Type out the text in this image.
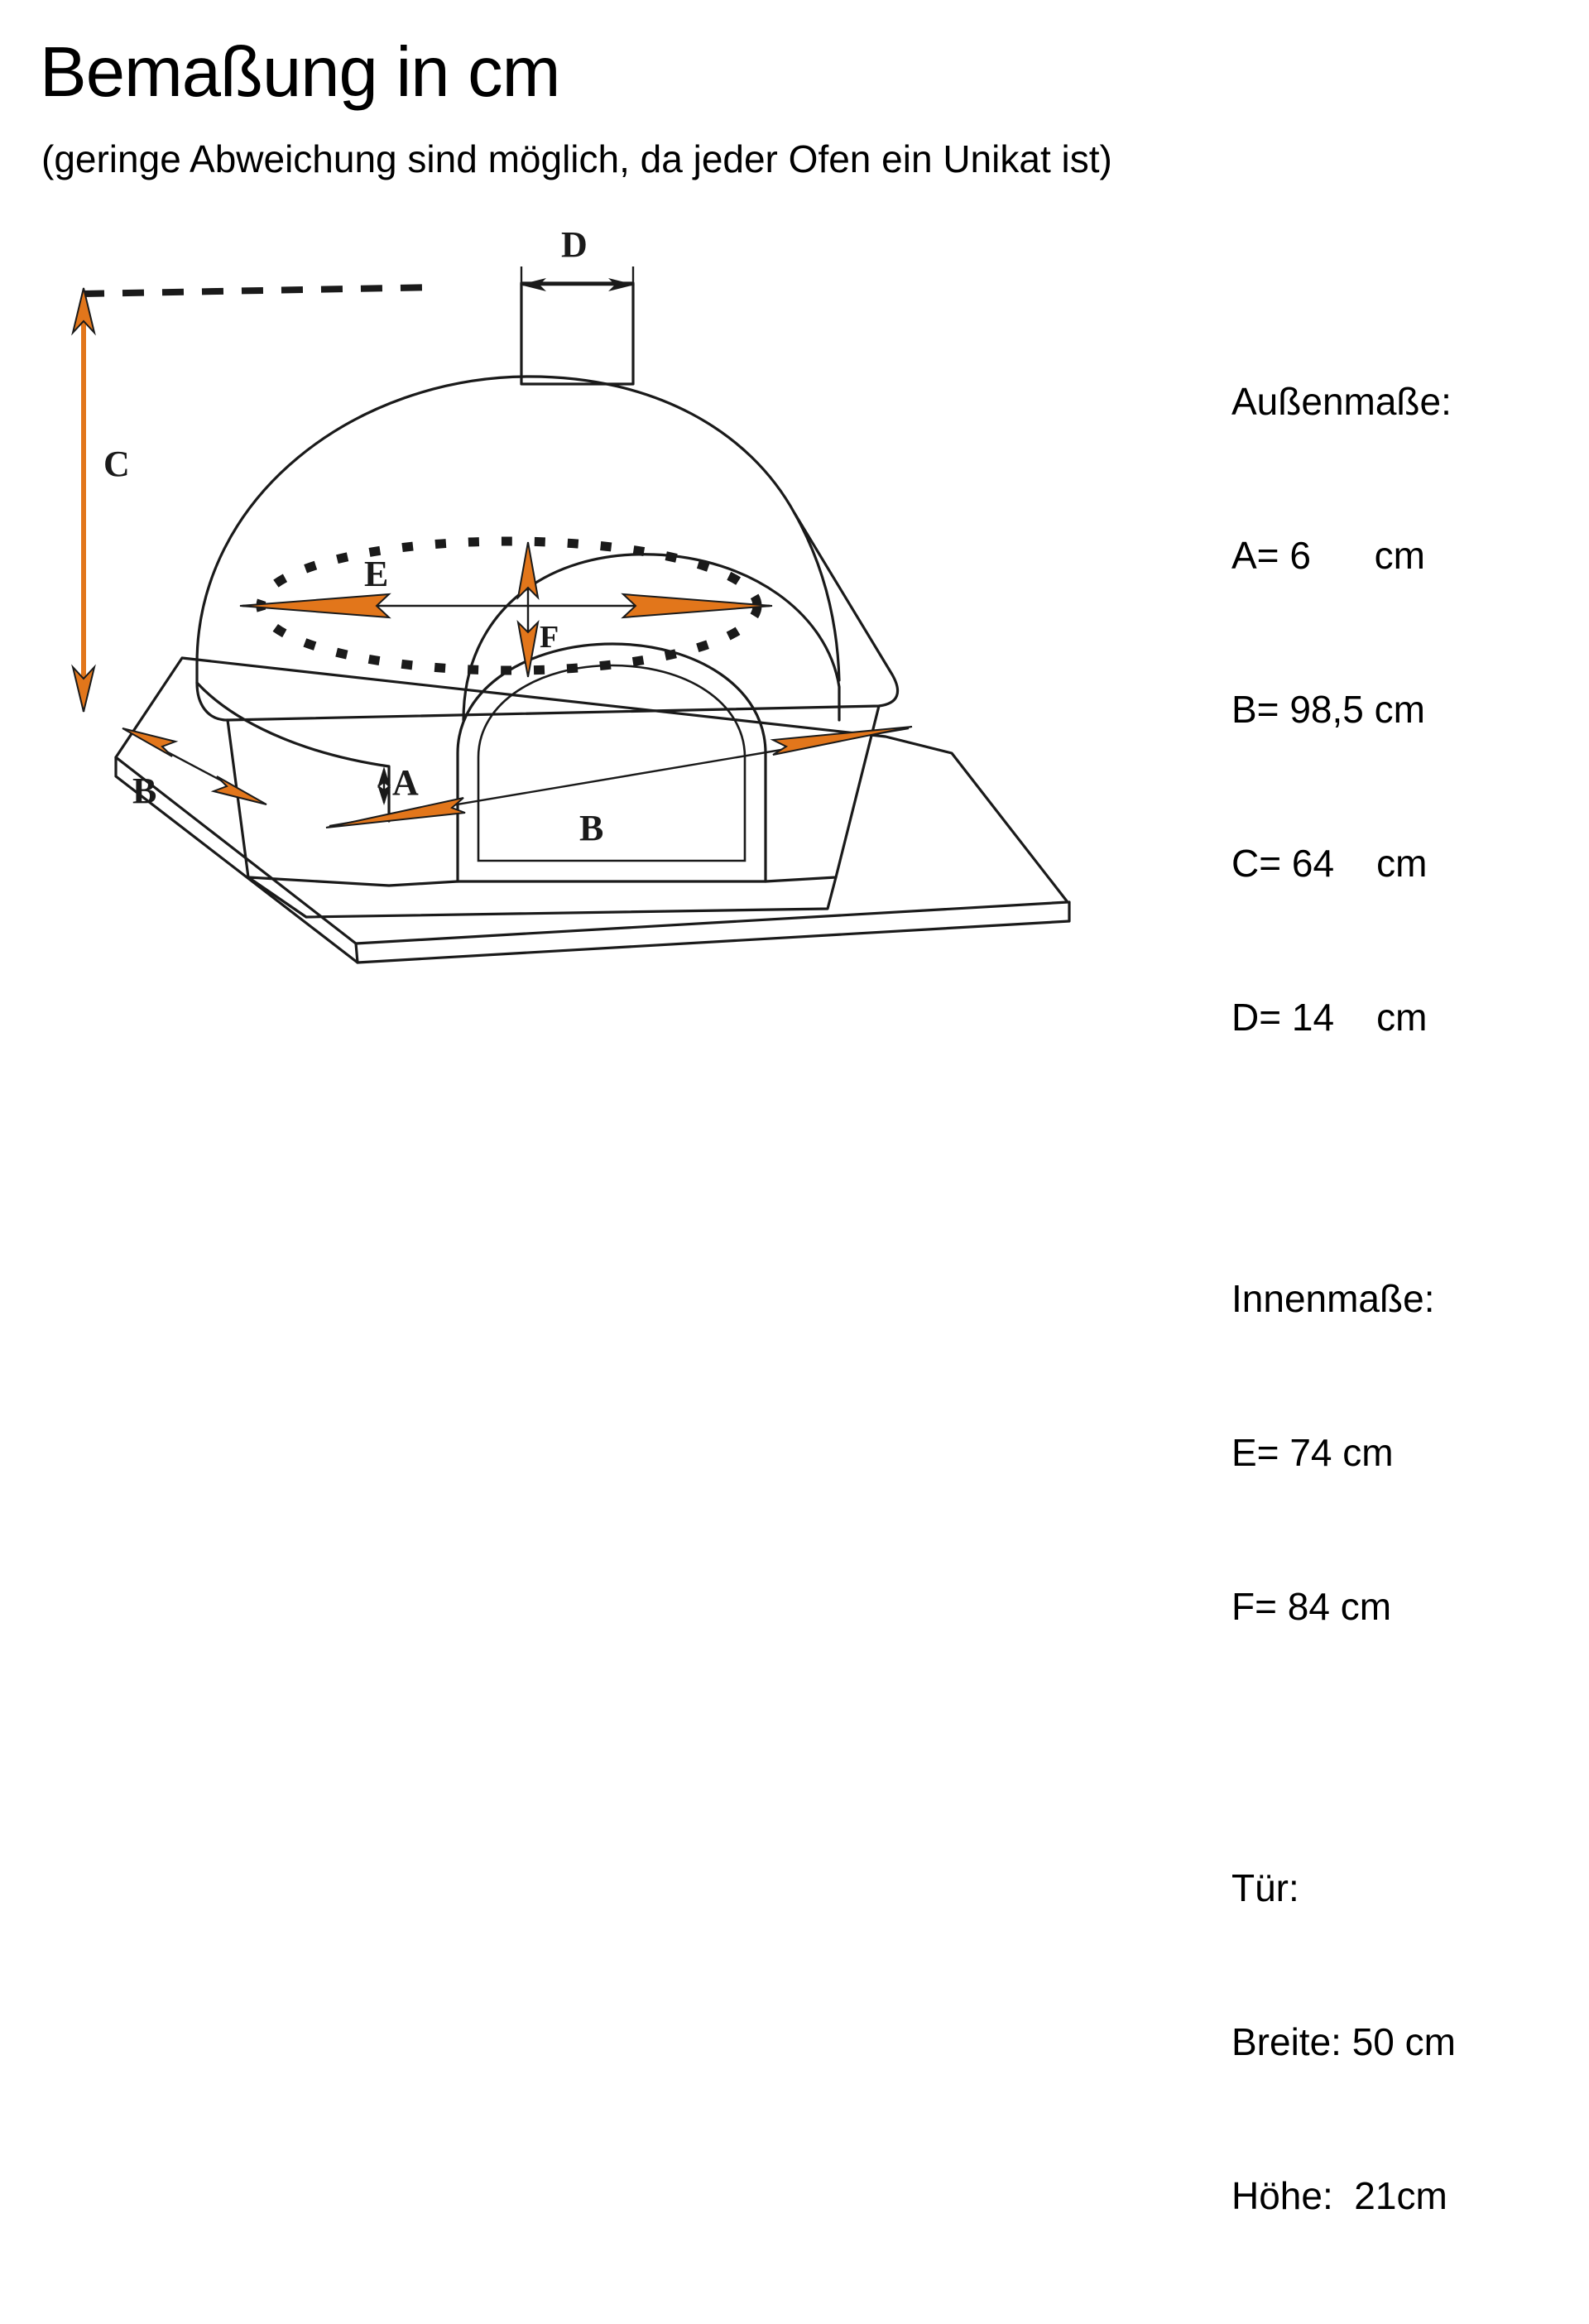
Bemaßung in cm
(geringe Abweichung sind möglich, da jeder Ofen ein Unikat ist)

Außenmaße:

A= 6      cm

B= 98,5 cm

C= 64    cm

D= 14    cm

Innenmaße:

E= 74 cm

F= 84 cm

Tür:

Breite: 50 cm

Höhe:  21cm

C
D
E
F
A
B
B
